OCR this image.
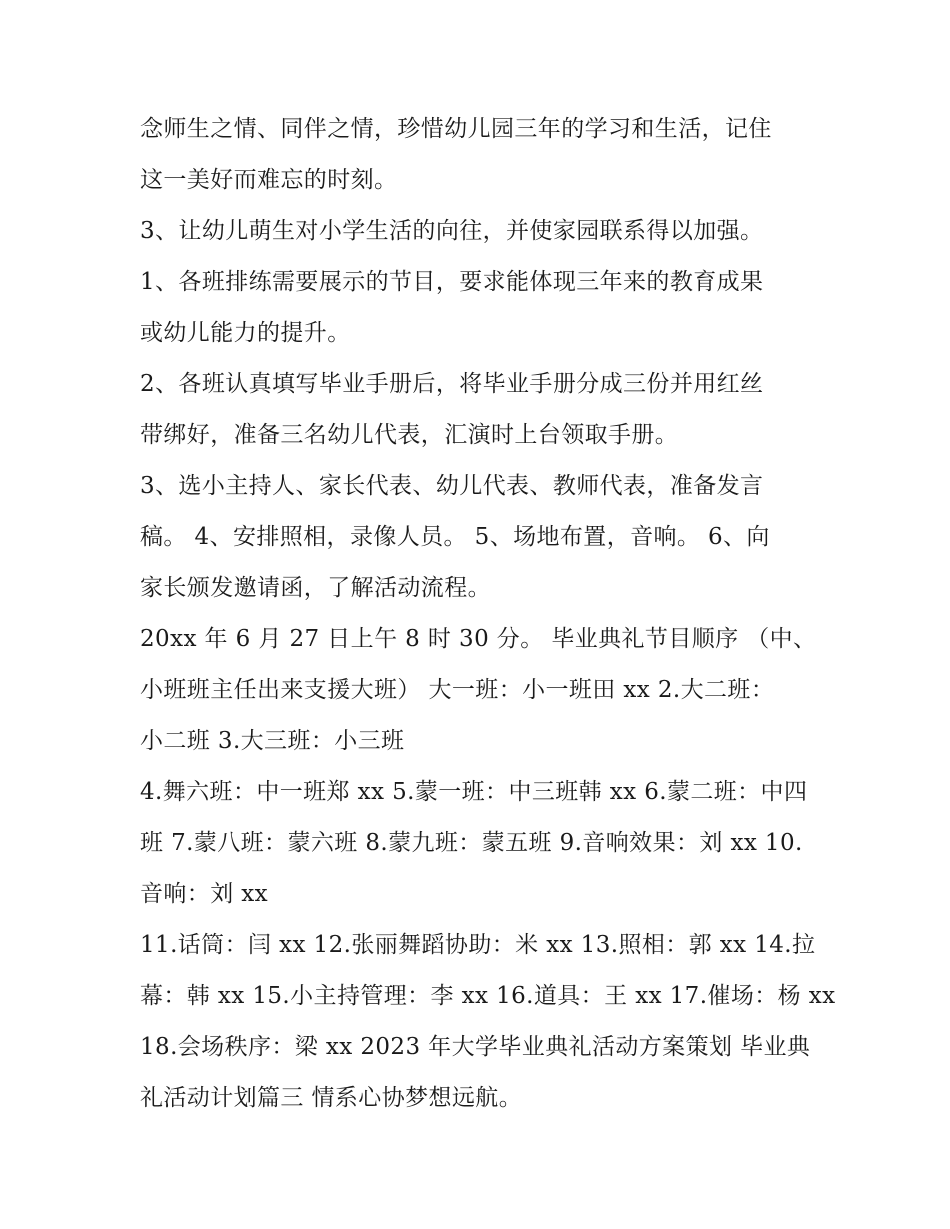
念师生之情、同伴之情，珍惜幼儿园三年的学习和生活，记住
这一美好而难忘的时刻。
3、让幼儿萌生对小学生活的向往，并使家园联系得以加强。
1、各班排练需要展示的节目，要求能体现三年来的教育成果
或幼儿能力的提升。
2、各班认真填写毕业手册后，将毕业手册分成三份并用红丝
带绑好，准备三名幼儿代表，汇演时上台领取手册。
3、选小主持人、家长代表、幼儿代表、教师代表，准备发言
稿。 4、安排照相，录像人员。 5、场地布置，音响。 6、向
家长颁发邀请函，了解活动流程。
20xx 年 6 月 27 日上午 8 时 30 分。 毕业典礼节目顺序 （中、
小班班主任出来支援大班） 大一班：小一班田 xx 2.大二班：
小二班 3.大三班：小三班
4.舞六班：中一班郑 xx 5.蒙一班：中三班韩 xx 6.蒙二班：中四
班 7.蒙八班：蒙六班 8.蒙九班：蒙五班 9.音响效果：刘 xx 10.
音响：刘 xx
11.话筒：闫 xx 12.张丽舞蹈协助：米 xx 13.照相：郭 xx 14.拉
幕：韩 xx 15.小主持管理：李 xx 16.道具：王 xx 17.催场：杨 xx
18.会场秩序：梁 xx 2023 年大学毕业典礼活动方案策划 毕业典
礼活动计划篇三 情系心协梦想远航。
